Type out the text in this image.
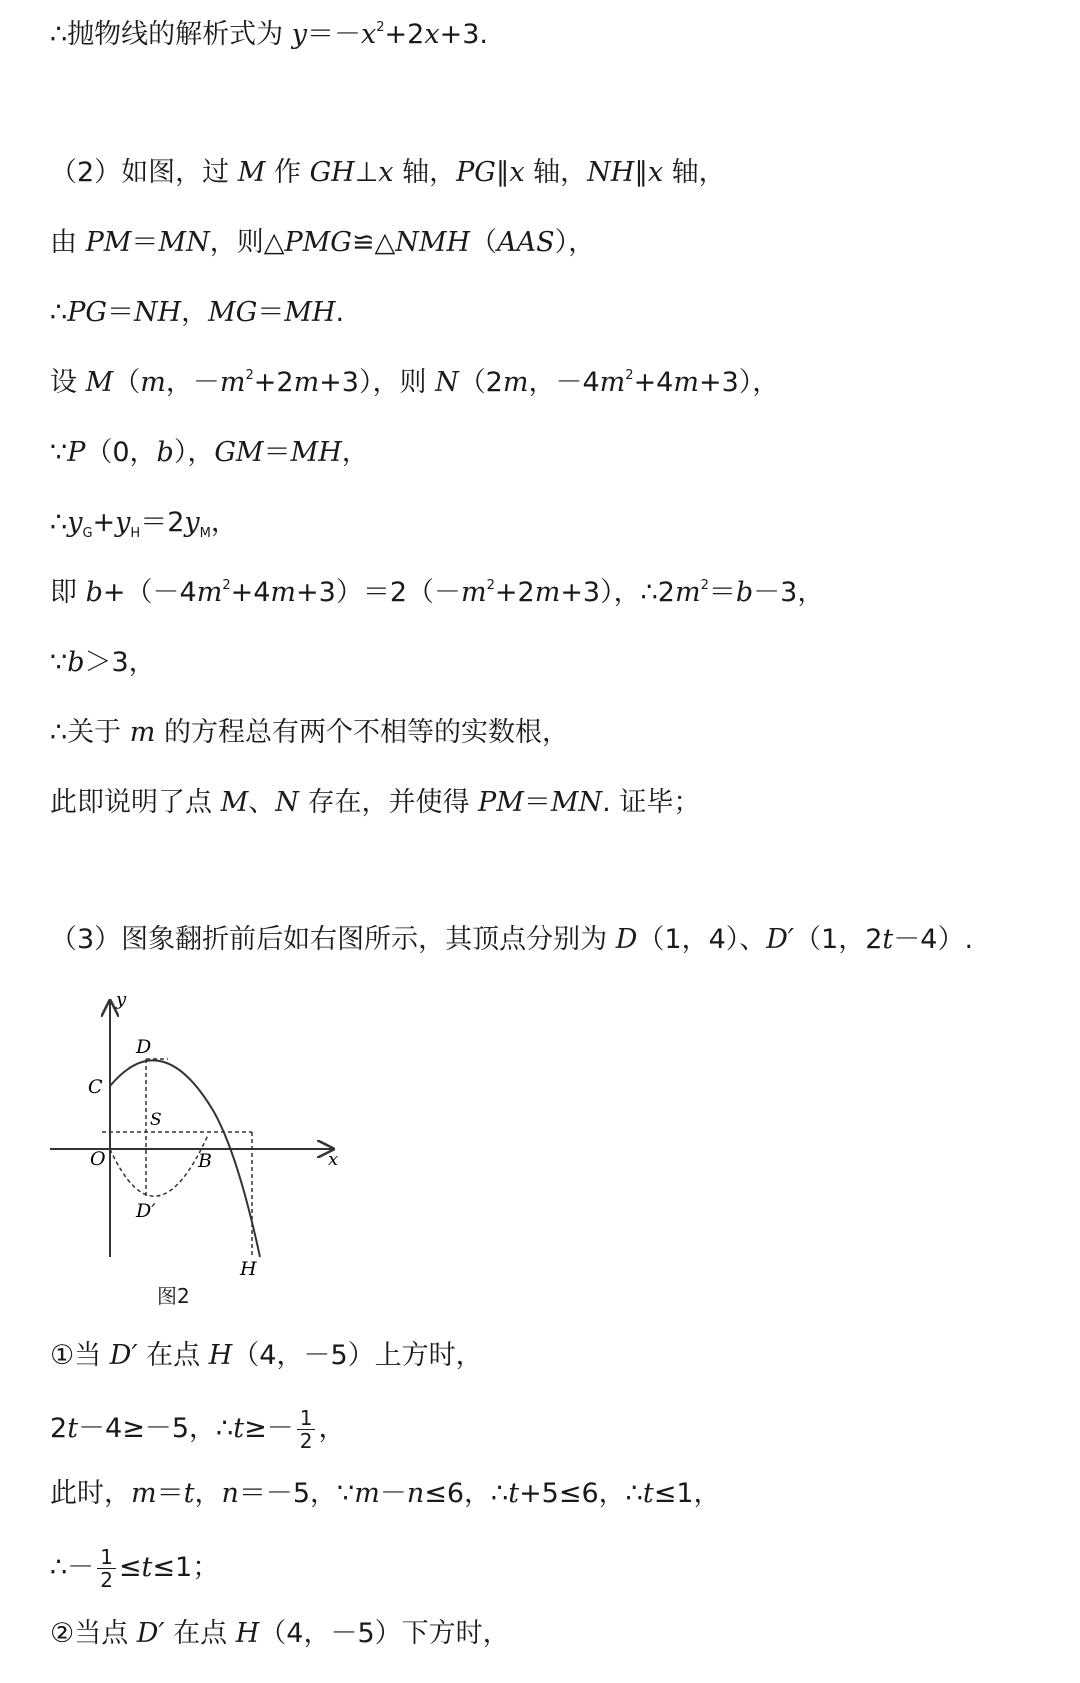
∴抛物线的解析式为 $y=-x^2+2x+3$.
（2）如图，过 M 作 GH⊥x 轴，PG∥x 轴，NH∥x 轴，
由 PM＝MN，则△PMG≌△NMH（AAS），
∴PG＝NH，MG＝MH.
设 M（m，$-m^2+2m+3$），则 N（2m，$-4m^2+4m+3$），
∵P（0，b），GM＝MH，
$\therefore y_G+y_H=2y_M$，
即 $b+(-4m^2+4m+3)=2(-m^2+2m+3)$，$\therefore 2m^2=b-3$，
∵b＞3，
∴关于 m 的方程总有两个不相等的实数根，
此即说明了点 M、N 存在，并使得 PM＝MN. 证毕；
（3）图象翻折前后如右图所示，其顶点分别为 D（1，4）、D′（1，2t－4）.
x
y
O
C
D
S
B
D′
H
图2
①当 D′ 在点 H（4，－5）上方时，
2t－4≥－5，∴t≥－ $\frac{1}{2}$ ，
此时，m＝t，n＝－5，∵m－n≤6，∴t+5≤6，∴t≤1，
∴－ $\frac{1}{2} \le t\le 1$；
②当点 D′ 在点 H（4，－5）下方时，
